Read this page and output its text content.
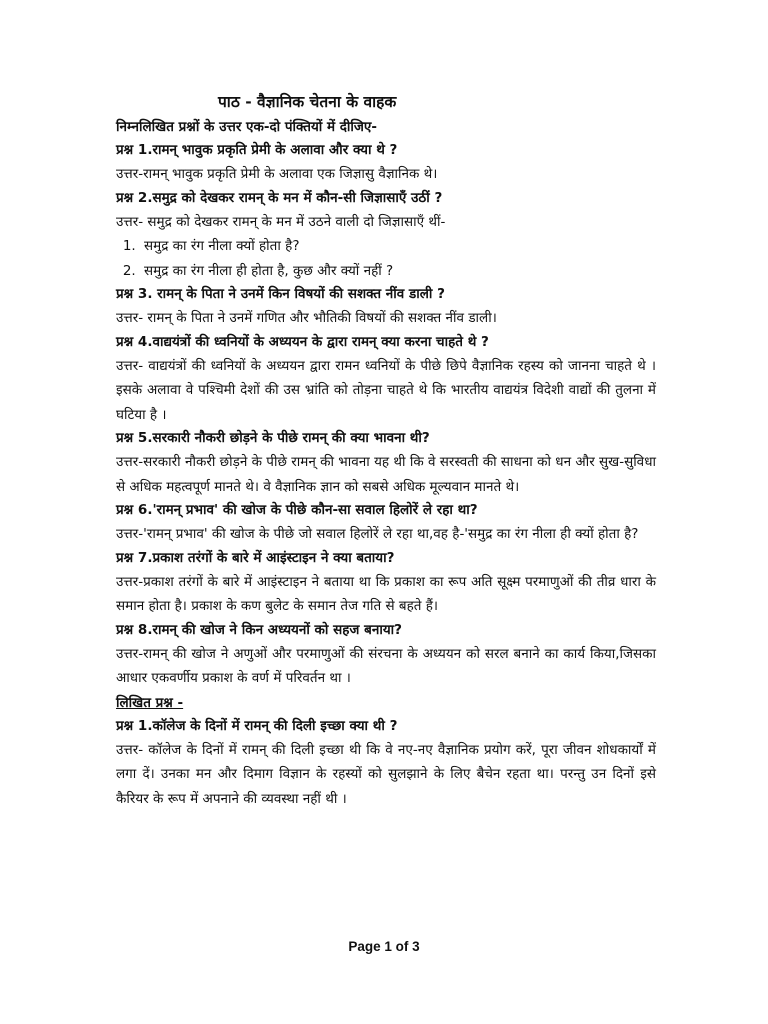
पाठ - वैज्ञानिक चेतना के वाहक
निम्नलिखित प्रश्नों के उत्तर एक-दो पंक्तियों में दीजिए-
प्रश्न 1.रामन् भावुक प्रकृति प्रेमी के अलावा और क्या थे ?
उत्तर-रामन् भावुक प्रकृति प्रेमी के अलावा एक जिज्ञासु वैज्ञानिक थे।
प्रश्न 2.समुद्र को देखकर रामन् के मन में कौन-सी जिज्ञासाएँ उठीं ?
उत्तर- समुद्र को देखकर रामन् के मन में उठने वाली दो जिज्ञासाएँ थीं-
1. समुद्र का रंग नीला क्यों होता है?
2. समुद्र का रंग नीला ही होता है, कुछ और क्यों नहीं ?
प्रश्न 3. रामन् के पिता ने उनमें किन विषयों की सशक्त नींव डाली ?
उत्तर- रामन् के पिता ने उनमें गणित और भौतिकी विषयों की सशक्त नींव डाली।
प्रश्न 4.वाद्ययंत्रों की ध्वनियों के अध्ययन के द्वारा रामन् क्या करना चाहते थे ?
उत्तर- वाद्ययंत्रों की ध्वनियों के अध्ययन द्वारा रामन ध्वनियों के पीछे छिपे वैज्ञानिक रहस्य को जानना चाहते थे । इसके अलावा वे पश्चिमी देशों की उस भ्रांति को तोड़ना चाहते थे कि भारतीय वाद्ययंत्र विदेशी वाद्यों की तुलना में घटिया है ।
प्रश्न 5.सरकारी नौकरी छोड़ने के पीछे रामन् की क्या भावना थी?
उत्तर-सरकारी नौकरी छोड़ने के पीछे रामन् की भावना यह थी कि वे सरस्वती की साधना को धन और सुख-सुविधा से अधिक महत्वपूर्ण मानते थे। वे वैज्ञानिक ज्ञान को सबसे अधिक मूल्यवान मानते थे।
प्रश्न 6.'रामन् प्रभाव' की खोज के पीछे कौन-सा सवाल हिलोरें ले रहा था?
उत्तर-'रामन् प्रभाव' की खोज के पीछे जो सवाल हिलोरें ले रहा था,वह है-'समुद्र का रंग नीला ही क्यों होता है?
प्रश्न 7.प्रकाश तरंगों के बारे में आइंस्टाइन ने क्या बताया?
उत्तर-प्रकाश तरंगों के बारे में आइंस्टाइन ने बताया था कि प्रकाश का रूप अति सूक्ष्म परमाणुओं की तीव्र धारा के समान होता है। प्रकाश के कण बुलेट के समान तेज गति से बहते हैं।
प्रश्न 8.रामन् की खोज ने किन अध्ययनों को सहज बनाया?
उत्तर-रामन् की खोज ने अणुओं और परमाणुओं की संरचना के अध्ययन को सरल बनाने का कार्य किया,जिसका आधार एकवर्णीय प्रकाश के वर्ण में परिवर्तन था ।
लिखित प्रश्न -
प्रश्न 1.कॉलेज के दिनों में रामन् की दिली इच्छा क्या थी ?
उत्तर- कॉलेज के दिनों में रामन् की दिली इच्छा थी कि वे नए-नए वैज्ञानिक प्रयोग करें, पूरा जीवन शोधकार्यों में लगा दें। उनका मन और दिमाग विज्ञान के रहस्यों को सुलझाने के लिए बैचेन रहता था। परन्तु उन दिनों इसे कैरियर के रूप में अपनाने की व्यवस्था नहीं थी ।
Page 1 of 3
